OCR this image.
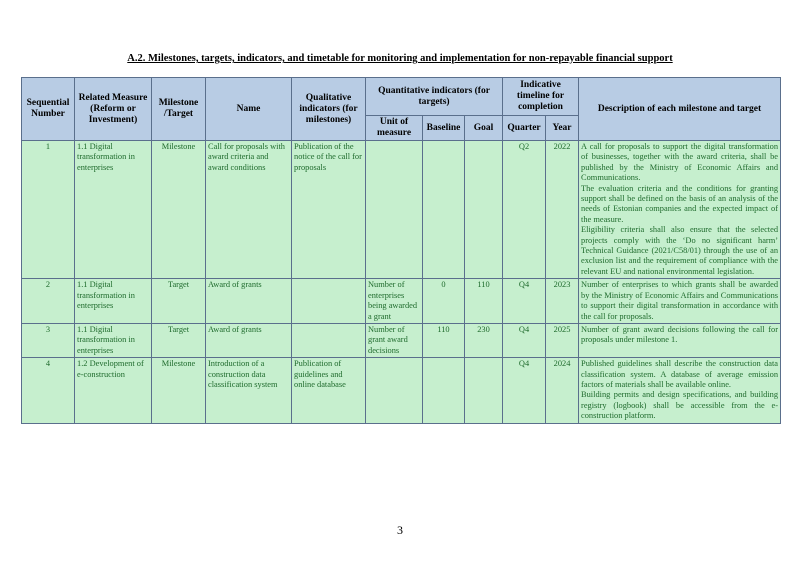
A.2. Milestones, targets, indicators, and timetable for monitoring and implementation for non-repayable financial support
Sequential Number	Related Measure (Reform or Investment)	Milestone /Target	Name	Qualitative indicators (for milestones)	Quantitative indicators (for targets)			Indicative timeline for completion		Description of each milestone and target
					Unit of measure	Baseline	Goal	Quarter	Year	
1	1.1 Digital transformation in enterprises	Milestone	Call for proposals with award criteria and award conditions	Publication of the notice of the call for proposals				Q2	2022	A call for proposals to support the digital transformation of businesses, together with the award criteria, shall be published by the Ministry of Economic Affairs and Communications.
The evaluation criteria and the conditions for granting support shall be defined on the basis of an analysis of the needs of Estonian companies and the expected impact of the measure.
Eligibility criteria shall also ensure that the selected projects comply with the ‘Do no significant harm’ Technical Guidance (2021/C58/01) through the use of an exclusion list and the requirement of compliance with the relevant EU and national environmental legislation.

2	1.1 Digital transformation in enterprises	Target	Award of grants		Number of enterprises being awarded a grant	0	110	Q4	2023	Number of enterprises to which grants shall be awarded by the Ministry of Economic Affairs and Communications to support their digital transformation in accordance with the call for proposals.

3	1.1 Digital transformation in enterprises	Target	Award of grants		Number of grant award decisions	110	230	Q4	2025	Number of grant award decisions following the call for proposals under milestone 1.

4	1.2 Development of e-construction	Milestone	Introduction of a construction data classification system	Publication of guidelines and online database				Q4	2024	Published guidelines shall describe the construction data classification system. A database of average emission factors of materials shall be available online.
Building permits and design specifications, and building registry (logbook) shall be accessible from the e-construction platform.
3
